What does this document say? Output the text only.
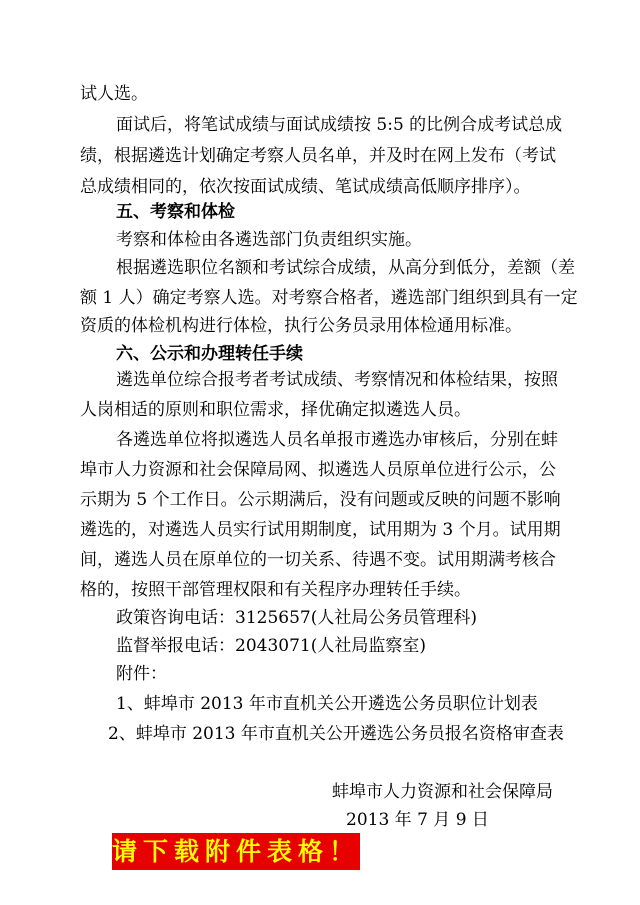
试人选。
面试后，将笔试成绩与面试成绩按 5:5 的比例合成考试总成
绩，根据遴选计划确定考察人员名单，并及时在网上发布（考试
总成绩相同的，依次按面试成绩、笔试成绩高低顺序排序）。
五、考察和体检
考察和体检由各遴选部门负责组织实施。
根据遴选职位名额和考试综合成绩，从高分到低分，差额（差
额 1 人）确定考察人选。对考察合格者，遴选部门组织到具有一定
资质的体检机构进行体检，执行公务员录用体检通用标准。
六、公示和办理转任手续
遴选单位综合报考者考试成绩、考察情况和体检结果，按照
人岗相适的原则和职位需求，择优确定拟遴选人员。
各遴选单位将拟遴选人员名单报市遴选办审核后，分别在蚌
埠市人力资源和社会保障局网、拟遴选人员原单位进行公示，公
示期为 5 个工作日。公示期满后，没有问题或反映的问题不影响
遴选的，对遴选人员实行试用期制度，试用期为 3 个月。试用期
间，遴选人员在原单位的一切关系、待遇不变。试用期满考核合
格的，按照干部管理权限和有关程序办理转任手续。
政策咨询电话：3125657(人社局公务员管理科)
监督举报电话：2043071(人社局监察室)
附件：
1、蚌埠市 2013 年市直机关公开遴选公务员职位计划表
2、蚌埠市 2013 年市直机关公开遴选公务员报名资格审查表
蚌埠市人力资源和社会保障局
2013 年 7 月 9 日
请下载附件表格！
